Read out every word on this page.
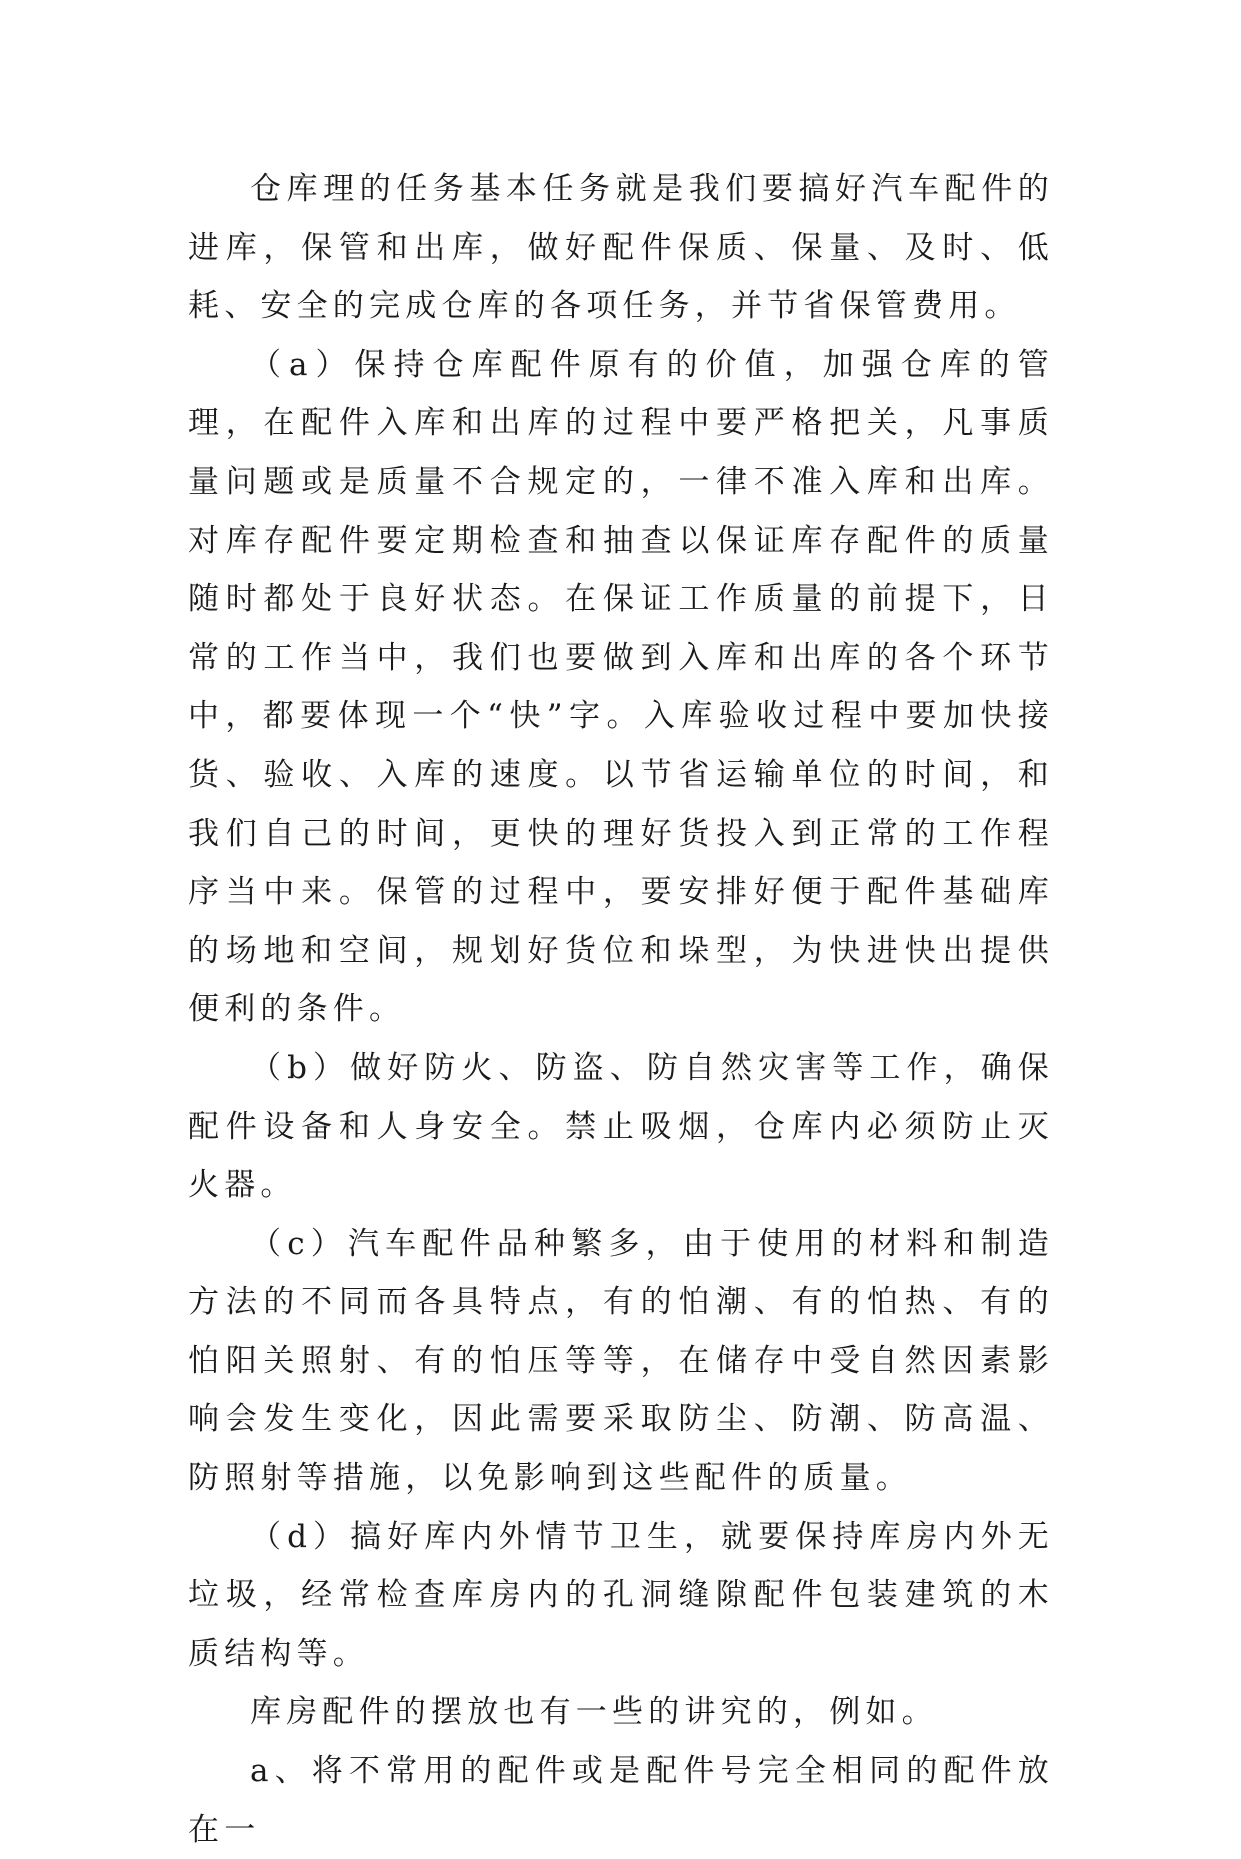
仓库理的任务基本任务就是我们要搞好汽车配件的进库，保管和出库，做好配件保质、保量、及时、低耗、安全的完成仓库的各项任务，并节省保管费用。

（a）保持仓库配件原有的价值，加强仓库的管理，在配件入库和出库的过程中要严格把关，凡事质量问题或是质量不合规定的，一律不准入库和出库。对库存配件要定期检查和抽查以保证库存配件的质量随时都处于良好状态。在保证工作质量的前提下，日常的工作当中，我们也要做到入库和出库的各个环节中，都要体现一个“快”字。入库验收过程中要加快接货、验收、入库的速度。以节省运输单位的时间，和我们自己的时间，更快的理好货投入到正常的工作程序当中来。保管的过程中，要安排好便于配件基础库的场地和空间，规划好货位和垛型，为快进快出提供便利的条件。

（b）做好防火、防盗、防自然灾害等工作，确保配件设备和人身安全。禁止吸烟，仓库内必须防止灭火器。

（c）汽车配件品种繁多，由于使用的材料和制造方法的不同而各具特点，有的怕潮、有的怕热、有的怕阳关照射、有的怕压等等，在储存中受自然因素影响会发生变化，因此需要采取防尘、防潮、防高温、防照射等措施，以免影响到这些配件的质量。

（d）搞好库内外情节卫生，就要保持库房内外无垃圾，经常检查库房内的孔洞缝隙配件包装建筑的木质结构等。

库房配件的摆放也有一些的讲究的，例如。

a、将不常用的配件或是配件号完全相同的配件放在一
